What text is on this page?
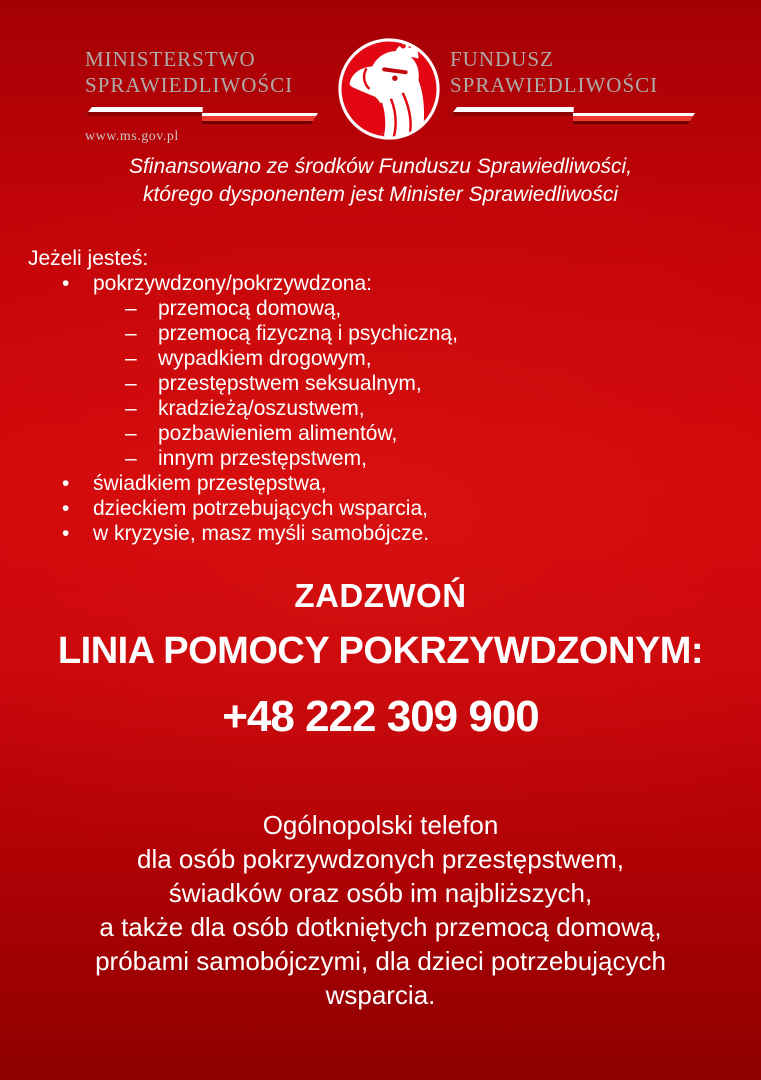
MINISTERSTWO
SPRAWIEDLIWOŚCI
www.ms.gov.pl
FUNDUSZ
SPRAWIEDLIWOŚCI
Sfinansowano ze środków Funduszu Sprawiedliwości,
którego dysponentem jest Minister Sprawiedliwości
Jeżeli jesteś:
•	pokrzywdzony/pokrzywdzona:
–	przemocą domową,
–	przemocą fizyczną i psychiczną,
–	wypadkiem drogowym,
–	przestępstwem seksualnym,
–	kradzieżą/oszustwem,
–	pozbawieniem alimentów,
–	innym przestępstwem,
•	świadkiem przestępstwa,
•	dzieckiem potrzebujących wsparcia,
•	w kryzysie, masz myśli samobójcze.
ZADZWOŃ
LINIA POMOCY POKRZYWDZONYM:
+48 222 309 900
Ogólnopolski telefon
dla osób pokrzywdzonych przestępstwem,
świadków oraz osób im najbliższych,
a także dla osób dotkniętych przemocą domową,
próbami samobójczymi, dla dzieci potrzebujących
wsparcia.
